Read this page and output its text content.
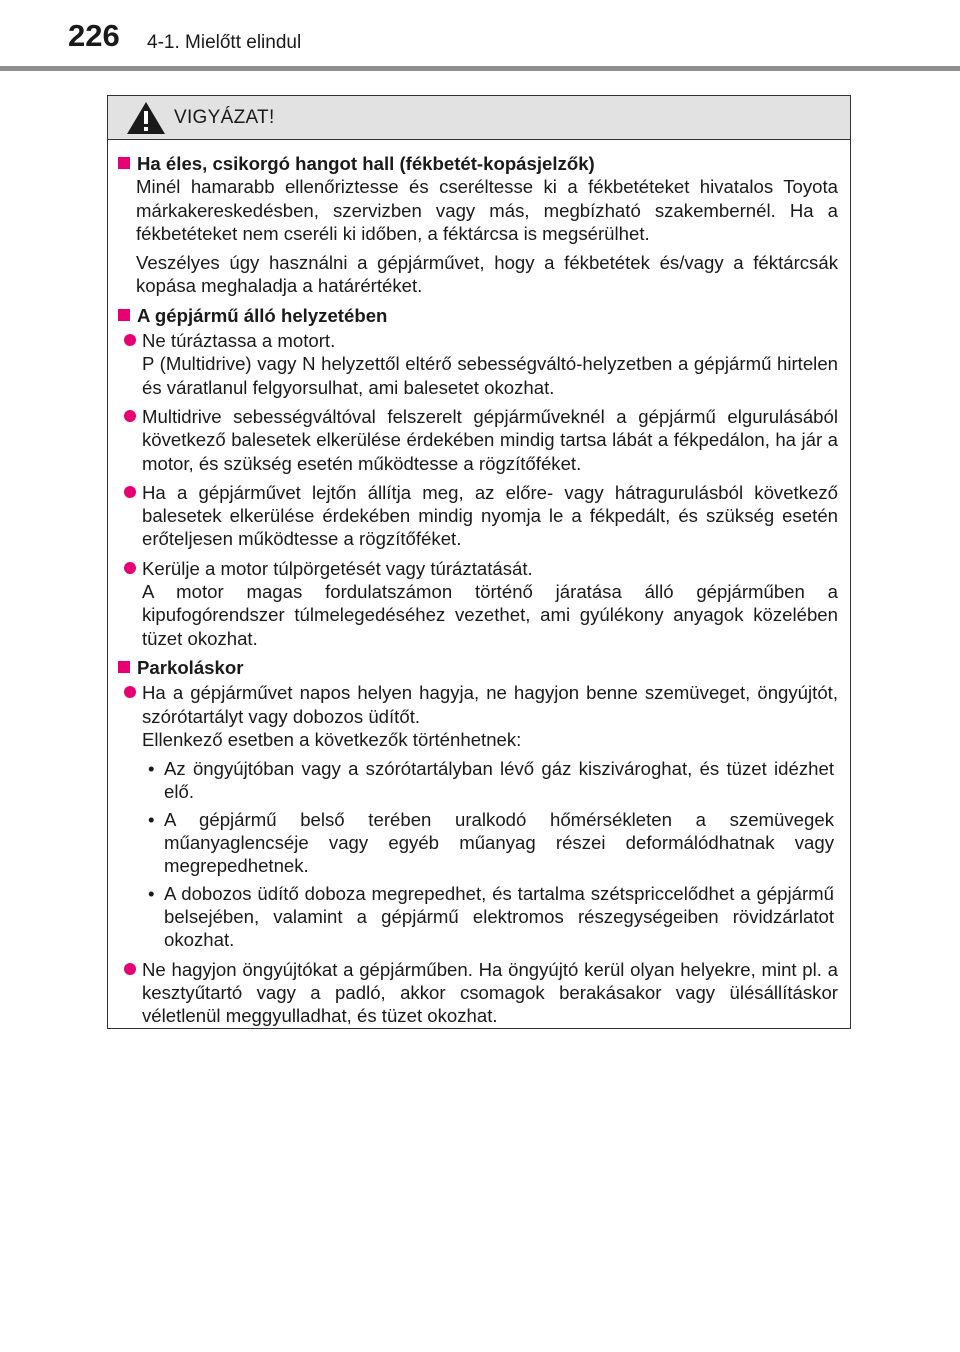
226 4-1. Mielőtt elindul
VIGYÁZAT!
Ha éles, csikorgó hangot hall (fékbetét-kopásjelzők)
Minél hamarabb ellenőriztesse és cseréltesse ki a fékbetéteket hivatalos Toyota márkakereskedésben, szervizben vagy más, megbízható szakembernél. Ha a fékbetéteket nem cseréli ki időben, a féktárcsa is megsérülhet.
Veszélyes úgy használni a gépjárművet, hogy a fékbetétek és/vagy a féktárcsák kopása meghaladja a határértéket.
A gépjármű álló helyzetében
Ne túráztassa a motort.
P (Multidrive) vagy N helyzettől eltérő sebességváltó-helyzetben a gépjármű hirtelen és váratlanul felgyorsulhat, ami balesetet okozhat.
Multidrive sebességváltóval felszerelt gépjárműveknél a gépjármű elgurulásából következő balesetek elkerülése érdekében mindig tartsa lábát a fékpedálon, ha jár a motor, és szükség esetén működtesse a rögzítőféket.
Ha a gépjárművet lejtőn állítja meg, az előre- vagy hátragurulásból következő balesetek elkerülése érdekében mindig nyomja le a fékpedált, és szükség esetén erőteljesen működtesse a rögzítőféket.
Kerülje a motor túlpörgetését vagy túráztatását.
A motor magas fordulatszámon történő járatása álló gépjárműben a kipufogórendszer túlmelegedéséhez vezethet, ami gyúlékony anyagok közelében tüzet okozhat.
Parkoláskor
Ha a gépjárművet napos helyen hagyja, ne hagyjon benne szemüveget, öngyújtót, szórótartályt vagy dobozos üdítőt.
Ellenkező esetben a következők történhetnek:
• Az öngyújtóban vagy a szórótartályban lévő gáz kiszivároghat, és tüzet idézhet elő.
• A gépjármű belső terében uralkodó hőmérsékleten a szemüvegek műanyaglencséje vagy egyéb műanyag részei deformálódhatnak vagy megrepedhetnek.
• A dobozos üdítő doboza megrepedhet, és tartalma szétspriccelődhet a gépjármű belsejében, valamint a gépjármű elektromos részegységeiben rövidzárlatot okozhat.
Ne hagyjon öngyújtókat a gépjárműben. Ha öngyújtó kerül olyan helyekre, mint pl. a kesztyűtartó vagy a padló, akkor csomagok berakásakor vagy ülésállításkor véletlenül meggyulladhat, és tüzet okozhat.
